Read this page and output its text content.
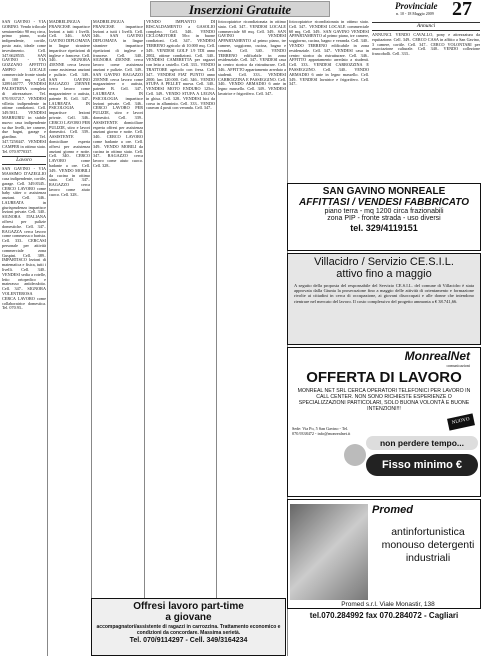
Inserzioni Gratuite	Provinciale
n. 10 - 18 Maggio 2009 27

SAN GAVINO - VIA GOBINO. Vendo trilocale semiarredato 90 mq circa, primo piano, scala indipendente, cortile, posto auto, ideale come investimento. Cell. 347.6628535. SAN GAVINO - VIA GOZZANO AFFITTO AMPIO LOCALE commerciale fronte strada di 100 mq. Cell. 3289146777. VENDESI PALESTRINA completa di attrezzature. Tel. 070.9337217. VENDESI villetta indipendente in ottime condizioni. Cell. 349.5811. VENDESI MARRUBIU in stabile nuovo casa indipendente su due livelli, tre camere, due bagni, garage e giardino. Tel. 347.7258447. VENDESI CAMPER in ottimo stato. Tel. 070.9770337.

Lavoro

SAN GAVINO - VIA MASSIMO D'AZEGLIO casa indipendente, cortile, garage. Cell. 349.8345.. CERCO LAVORO come baby sitter o assistenza anziani. Cell. 346.. LAUREATA in giurisprudenza impartisce lezioni private. Cell. 340.. SIGNORA ITALIANA offresi per pulizie domestiche. Cell. 347.. RAGAZZA cerca lavoro come commessa o barista. Cell. 333.. CERCASI personale per attività commerciale zona Guspini. Cell. 389.. IMPARTISCO lezioni di matematica e fisica, tutti i livelli. Cell. 340.. VENDESI sedia a rotelle, letto ortopedico e materasso antidecubito. Cell. 347.. SIGNORA VOLENTEROSA CERCA LAVORO come collaboratrice domestica. Tel. 070.93..

MADRELINGUA FRANCESE impartisce lezioni a tutti i livelli. Cell. 346.. SAN GAVINO DIPLOMATA in lingue straniere impartisce ripetizioni di inglese e francese. Cell. 340.. SIGNORA 45ENNE cerca lavoro come assistenza anziani e pulizie. Cell. 349.. SAN GAVINO RAGAZZO 25ENNE cerca lavoro come magazziniere o autista, patente B. Cell. 347.. LAUREATA IN PSICOLOGIA impartisce lezioni private. Cell. 346.. CERCO LAVORO PER PULIZIE, stiro e lavori domestici. Cell. 339.. ASSISTENTE domiciliare esperta offresi per assistenza anziani giorno e notte. Cell. 340.. CERCO LAVORO come badante a ore. Cell. 349.. VENDO MOBILI da cucina in ottimo stato. Cell. 347.. RAGAZZO cerca lavoro come aiuto cuoco. Cell. 328..

MADRELINGUA FRANCESE impartisce lezioni a tutti i livelli. Cell. 346.. SAN GAVINO DIPLOMATA in lingue straniere impartisce ripetizioni di inglese e francese. Cell. 340.. SIGNORA 45ENNE cerca lavoro come assistenza anziani e pulizie. Cell. 349.. SAN GAVINO RAGAZZO 25ENNE cerca lavoro come magazziniere o autista, patente B. Cell. 347.. LAUREATA IN PSICOLOGIA impartisce lezioni private. Cell. 346.. CERCO LAVORO PER PULIZIE, stiro e lavori domestici. Cell. 339.. ASSISTENTE domiciliare esperta offresi per assistenza anziani giorno e notte. Cell. 340.. CERCO LAVORO come badante a ore. Cell. 349.. VENDO MOBILI da cucina in ottimo stato. Cell. 347.. RAGAZZO cerca lavoro come aiuto cuoco. Cell. 328..

VENDO IMPIANTO DI RISCALDAMENTO a GASOLIO completo. Cell. 340.. VENDO CICLOMOTORE 50cc in buone condizioni. Cell. 347.. VENDESI TERRENO agricolo di 10.000 mq. Cell. 349.. VENDESI GOLF 1.9 TDI anno 2002, ottime condizioni. Cell. 340.. VENDESI CAMERETTA per ragazzi con letto a castello. Cell. 333.. VENDO TRATTORE agricolo con fresa. Cell. 347.. VENDESI FIAT PUNTO anno 2000, km 120.000. Cell. 346.. VENDO STUFA A PELLET nuova. Cell. 340.. VENDESI MOTO ENDURO 125cc. Cell. 349.. VENDO STUFA A LEGNA in ghisa. Cell. 328.. VENDESI bici da corsa in alluminio. Cell. 333.. VENDO caravan 4 posti con veranda. Cell. 347..

fotocopiatrice ricondizionata in ottimo stato. Cell. 347.. VENDESI LOCALE commerciale 60 mq. Cell. 349.. SAN GAVINO VENDESI APPARTAMENTO al primo piano, tre camere, soggiorno, cucina, bagno e veranda. Cell. 340.. VENDO TERRENO edificabile in zona residenziale. Cell. 347.. VENDESI casa in centro storico da ristrutturare. Cell. 346.. AFFITTO appartamento arredato a studenti. Cell. 333.. VENDESI CARROZZINA E PASSEGGINO. Cell. 340.. VENDO ARMADIO 6 ante in legno massello. Cell. 349.. VENDESI lavatrice e frigorifero. Cell. 347..

fotocopiatrice ricondizionata in ottimo stato. Cell. 347.. VENDESI LOCALE commerciale 60 mq. Cell. 349.. SAN GAVINO VENDESI APPARTAMENTO al primo piano, tre camere, soggiorno, cucina, bagno e veranda. Cell. 340.. VENDO TERRENO edificabile in zona residenziale. Cell. 347.. VENDESI casa in centro storico da ristrutturare. Cell. 346.. AFFITTO appartamento arredato a studenti. Cell. 333.. VENDESI CARROZZINA E PASSEGGINO. Cell. 340.. VENDO ARMADIO 6 ante in legno massello. Cell. 349.. VENDESI lavatrice e frigorifero. Cell. 347..

Annunci

ANNUNCI. VENDO CAVALLO, pony e attrezzatura da equitazione. Cell. 349.. CERCO CASA in affitto a San Gavino, 3 camere, cortile. Cell. 347.. CERCO VOLONTARI per associazione culturale. Cell. 340.. VENDO collezione francobolli. Cell. 333..

SAN GAVINO MONREALE
AFFITTASI / VENDESI FABBRICATO
piano terra - mq 1200 circa frazionabili
zona PIP - fronte strada - uso diversi
tel. 329/4119151
Villacidro / Servizio CE.S.I.L.
attivo fino a maggio
A seguito della proposta del responsabile del Servizio CE.S.I.L. del comune di Villacidro è stata approvata dalla Giunta la prosecuzione fino a maggio delle attività di orientamento e formazione rivolte ai cittadini in cerca di occupazione, ai giovani disoccupati e alle donne che intendono rientrare nel mercato del lavoro. Il costo complessivo del progetto ammonta a € 38.741,66.
MonrealNet
comunicazioni
OFFERTA DI LAVORO
MONREAL NET SRL CERCA OPERATORI TELEFONICI PER LAVORO IN CALL CENTER. NON SONO RICHIESTE ESPERIENZE O SPECIALIZZAZIONI PARTICOLARI, SOLO BUONA VOLONTÀ E BUONE INTENZIONI!!!
Sede: Via Po, 5 San Gavino - Tel. 070.9338472 - info@monrealnet.it
NUOVO
non perdere tempo...
Fisso minimo € 500,00
Promed
antinfortunistica monouso detergenti industriali
Promed s.r.l. Viale Monastir, 138
tel.070.284992 fax 070.284072 - Cagliari
Offresi lavoro part-time
a giovane
accompagnatori/assistente di ragazzi in carrozzina. Trattamento economico e condizioni da concordare. Massima serietà.
Tel. 070/9114297 - Cell. 349/3164234
